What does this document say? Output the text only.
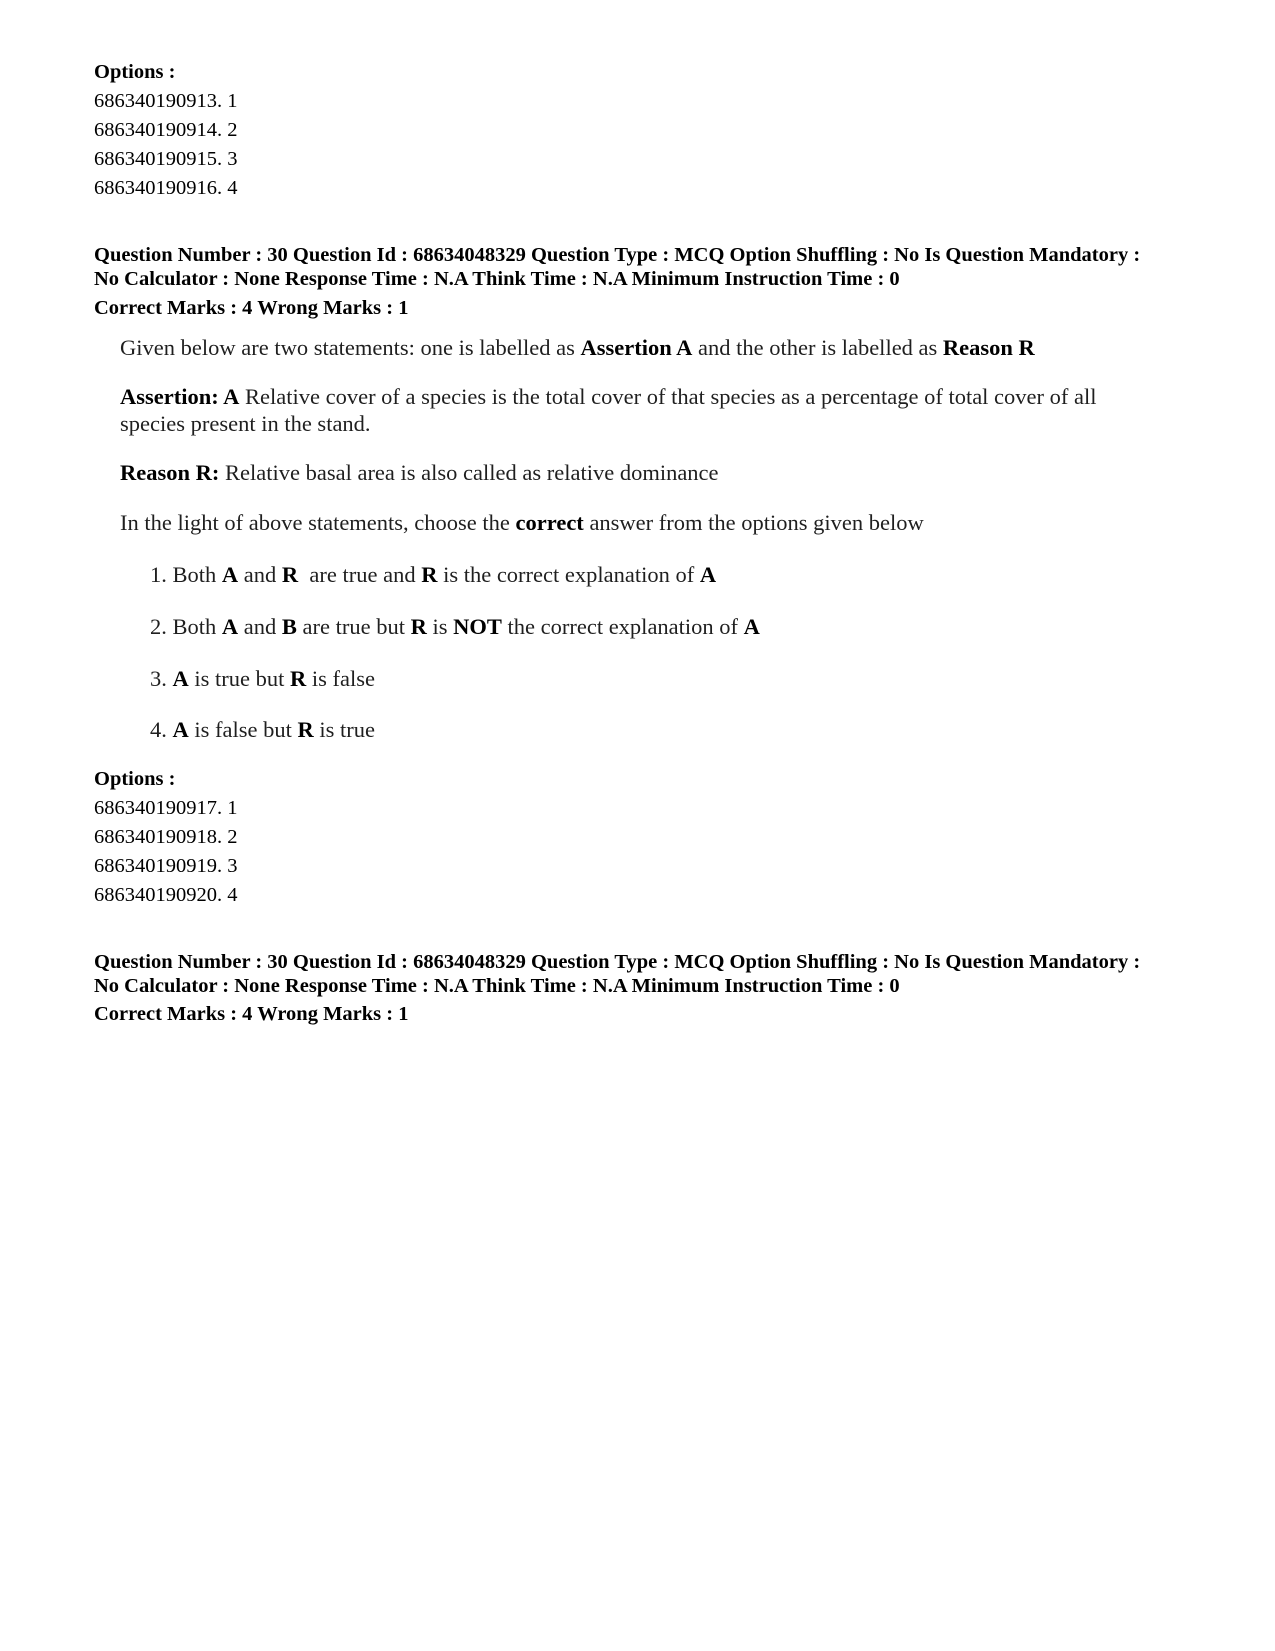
Options :
686340190913. 1
686340190914. 2
686340190915. 3
686340190916. 4
Question Number : 30 Question Id : 68634048329 Question Type : MCQ Option Shuffling : No Is Question Mandatory :
No Calculator : None Response Time : N.A Think Time : N.A Minimum Instruction Time : 0
Correct Marks : 4 Wrong Marks : 1
Given below are two statements: one is labelled as Assertion A and the other is labelled as Reason R
Assertion: A Relative cover of a species is the total cover of that species as a percentage of total cover of all
species present in the stand.
Reason R: Relative basal area is also called as relative dominance
In the light of above statements, choose the correct answer from the options given below
1. Both A and R  are true and R is the correct explanation of A
2. Both A and B are true but R is NOT the correct explanation of A
3. A is true but R is false
4. A is false but R is true
Options :
686340190917. 1
686340190918. 2
686340190919. 3
686340190920. 4
Question Number : 30 Question Id : 68634048329 Question Type : MCQ Option Shuffling : No Is Question Mandatory :
No Calculator : None Response Time : N.A Think Time : N.A Minimum Instruction Time : 0
Correct Marks : 4 Wrong Marks : 1
